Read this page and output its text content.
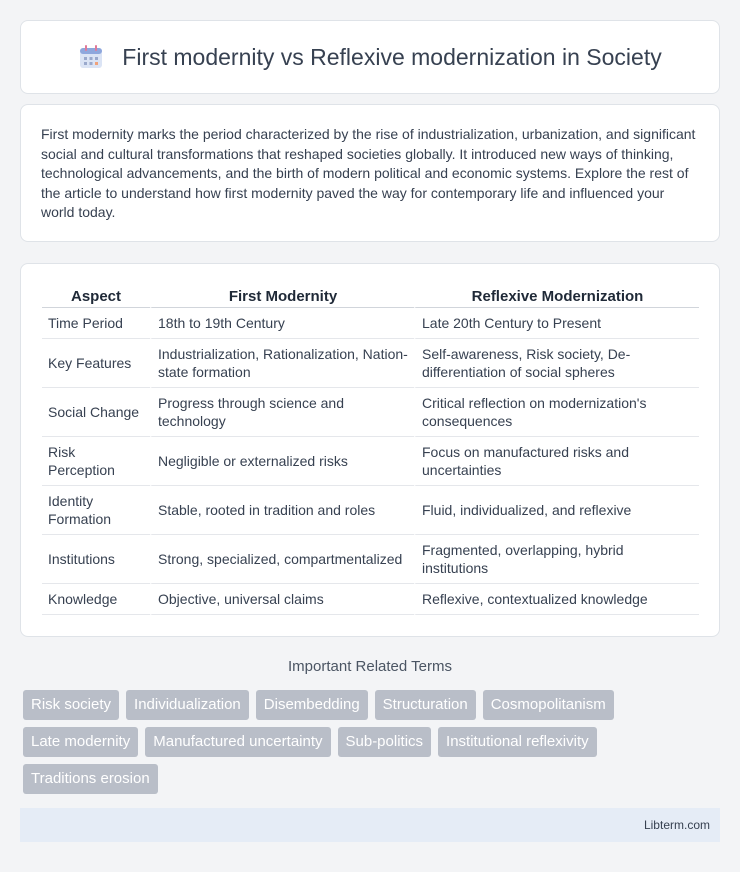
First modernity vs Reflexive modernization in Society

First modernity marks the period characterized by the rise of industrialization, urbanization, and significant social and cultural transformations that reshaped societies globally. It introduced new ways of thinking, technological advancements, and the birth of modern political and economic systems. Explore the rest of the article to understand how first modernity paved the way for contemporary life and influenced your world today.

Aspect	First Modernity	Reflexive Modernization
Time Period	18th to 19th Century	Late 20th Century to Present
Key Features	Industrialization, Rationalization, Nation-state formation	Self-awareness, Risk society, De-differentiation of social spheres
Social Change	Progress through science and technology	Critical reflection on modernization's consequences
Risk Perception	Negligible or externalized risks	Focus on manufactured risks and uncertainties
Identity Formation	Stable, rooted in tradition and roles	Fluid, individualized, and reflexive
Institutions	Strong, specialized, compartmentalized	Fragmented, overlapping, hybrid institutions
Knowledge	Objective, universal claims	Reflexive, contextualized knowledge
Important Related Terms
Risk society	Individualization	Disembedding	Structuration	Cosmopolitanism
Late modernity	Manufactured uncertainty	Sub-politics	Institutional reflexivity
Traditions erosion
Libterm.com
